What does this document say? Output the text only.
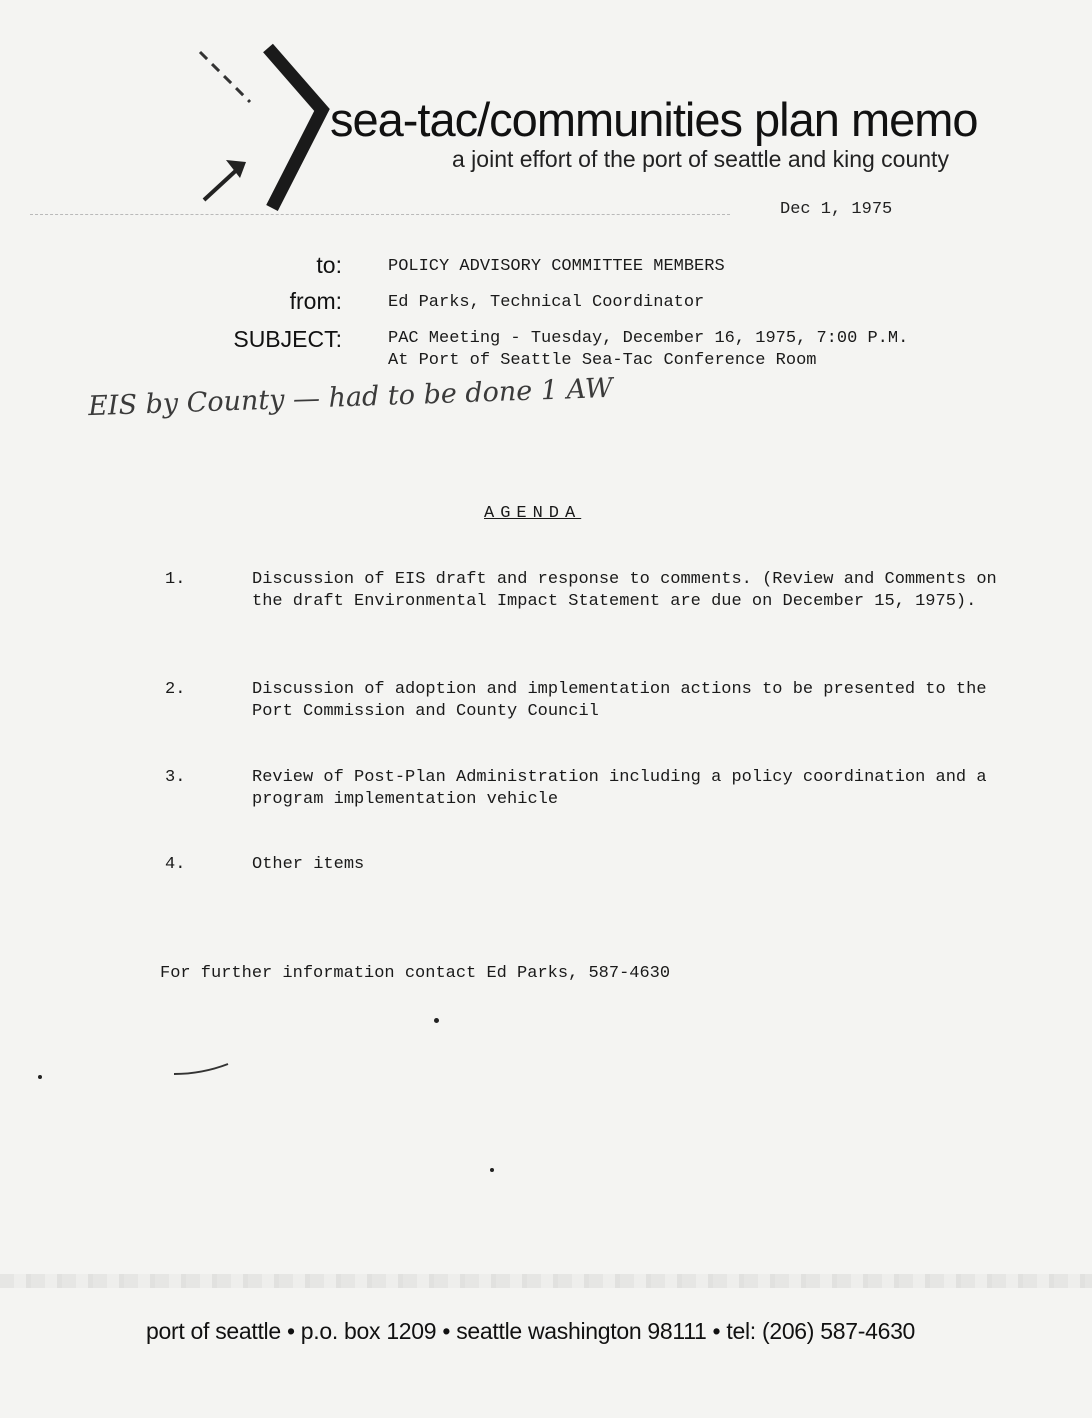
sea-tac/communities plan memo
a joint effort of the port of seattle and king county
Dec 1, 1975
to:	POLICY ADVISORY COMMITTEE MEMBERS
from:	Ed Parks, Technical Coordinator
SUBJECT:	PAC Meeting - Tuesday, December 16, 1975, 7:00 P.M.
At Port of Seattle Sea-Tac Conference Room
EIS by County — had to be done 1 AW
AGENDA
1.	Discussion of EIS draft and response to comments. (Review and Comments on the draft Environmental Impact Statement are due on December 15, 1975).
2.	Discussion of adoption and implementation actions to be presented to the Port Commission and County Council
3.	Review of Post-Plan Administration including a policy coordination and a program implementation vehicle
4.	Other items
For further information contact Ed Parks, 587-4630
port of seattle • p.o. box 1209 • seattle washington 98111 • tel: (206) 587-4630
